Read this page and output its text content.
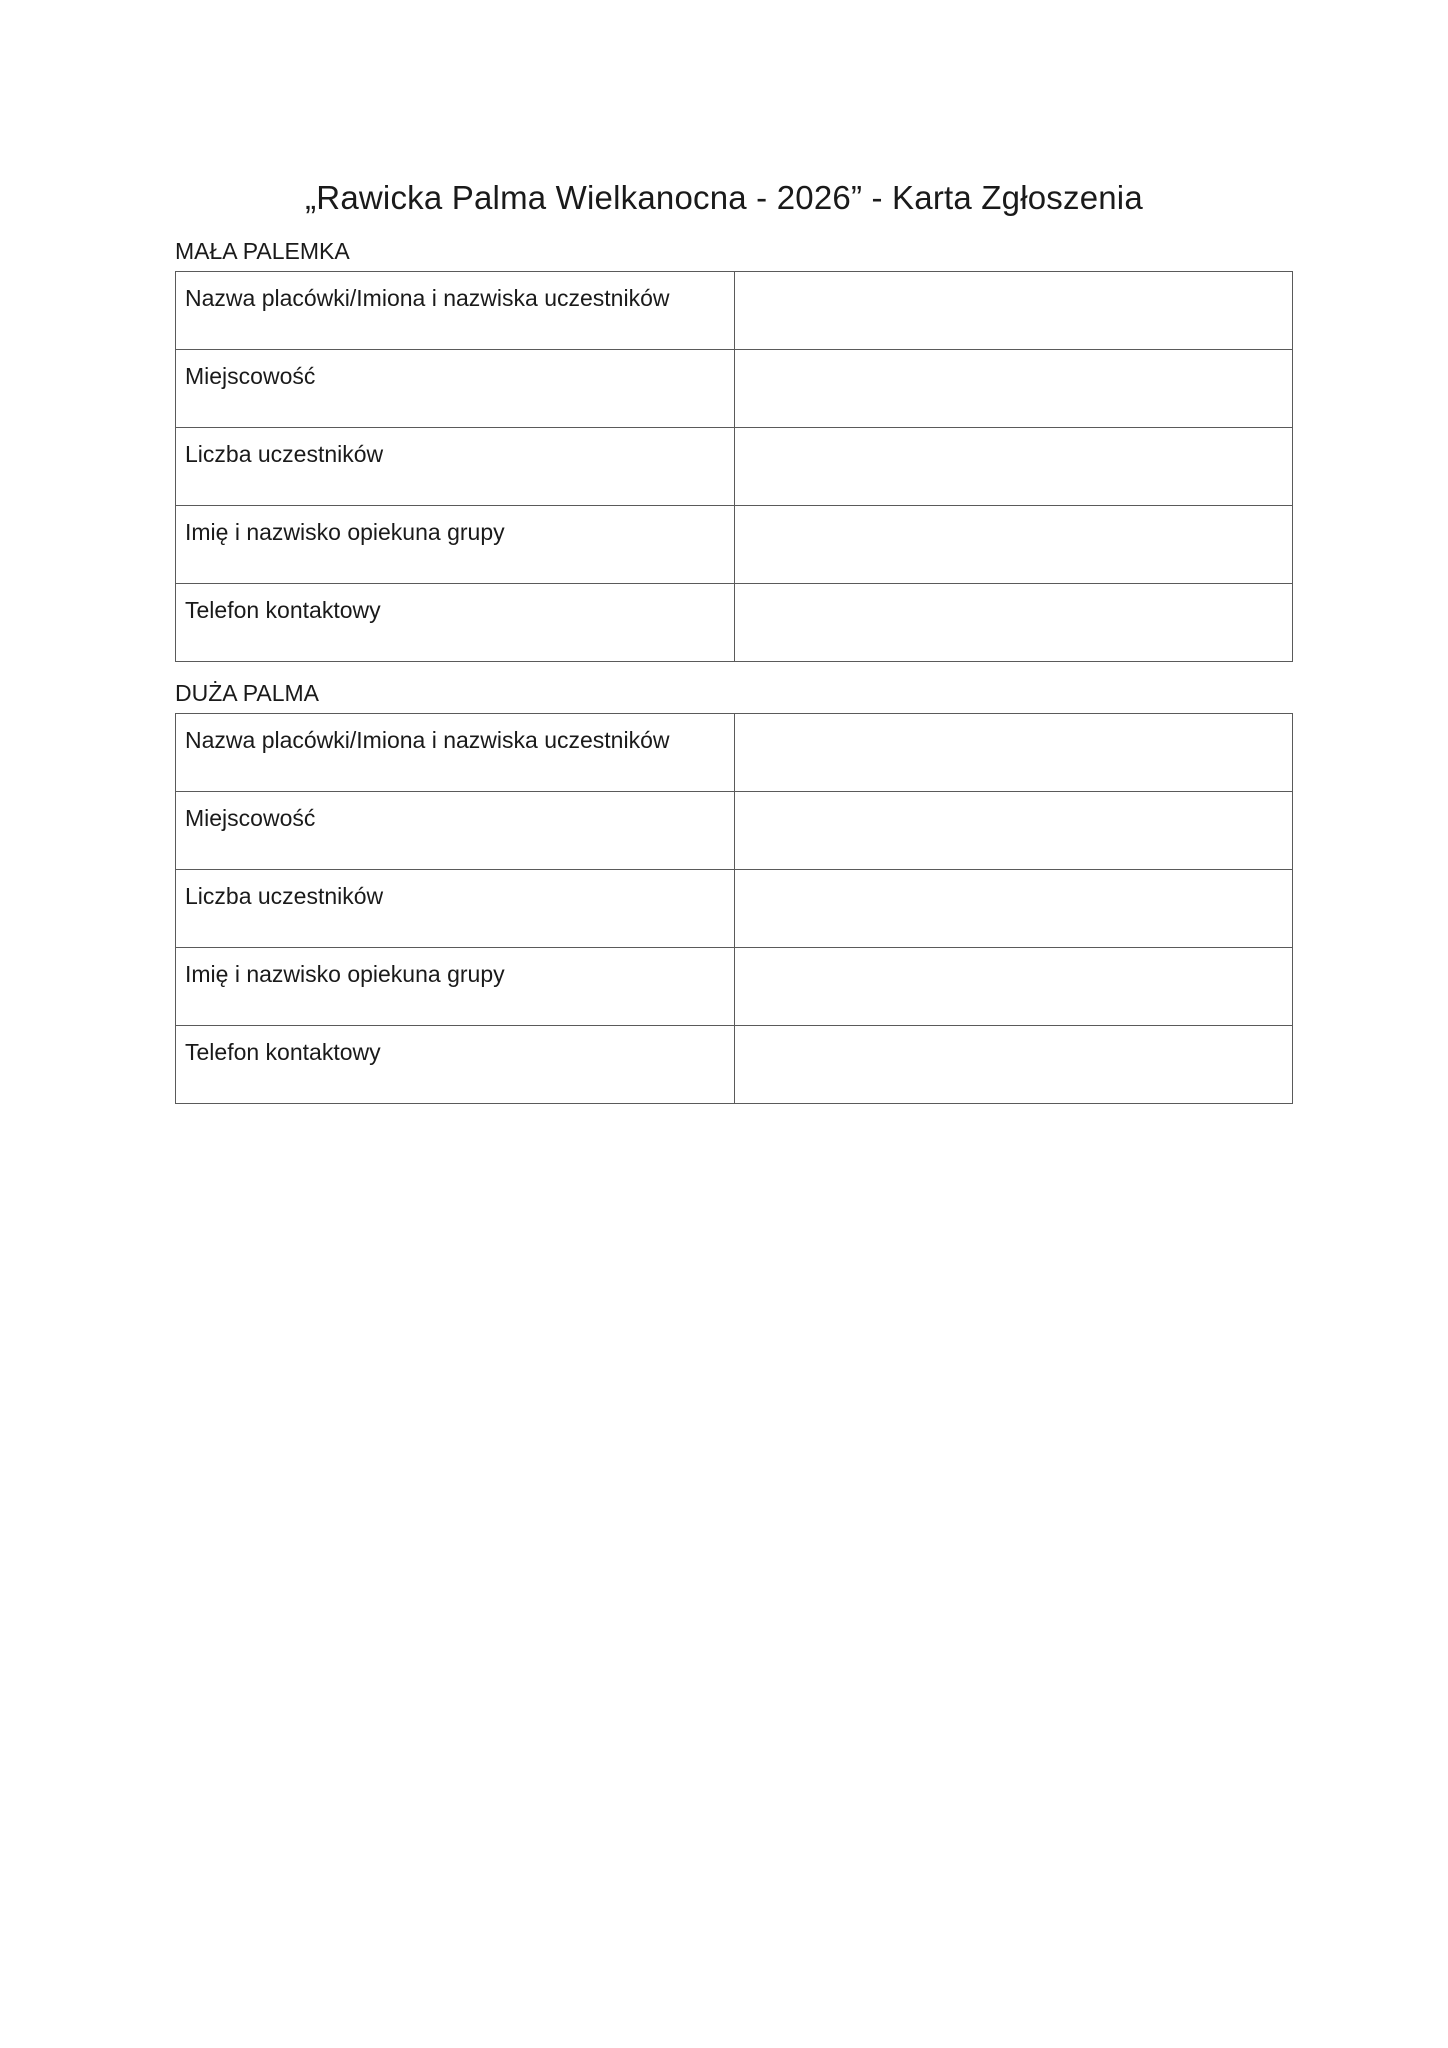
„Rawicka Palma Wielkanocna - 2026” - Karta Zgłoszenia
MAŁA PALEMKA
Nazwa placówki/Imiona i nazwiska uczestników	
Miejscowość	
Liczba uczestników	
Imię i nazwisko opiekuna grupy	
Telefon kontaktowy	
DUŻA PALMA
Nazwa placówki/Imiona i nazwiska uczestników	
Miejscowość	
Liczba uczestników	
Imię i nazwisko opiekuna grupy	
Telefon kontaktowy	
